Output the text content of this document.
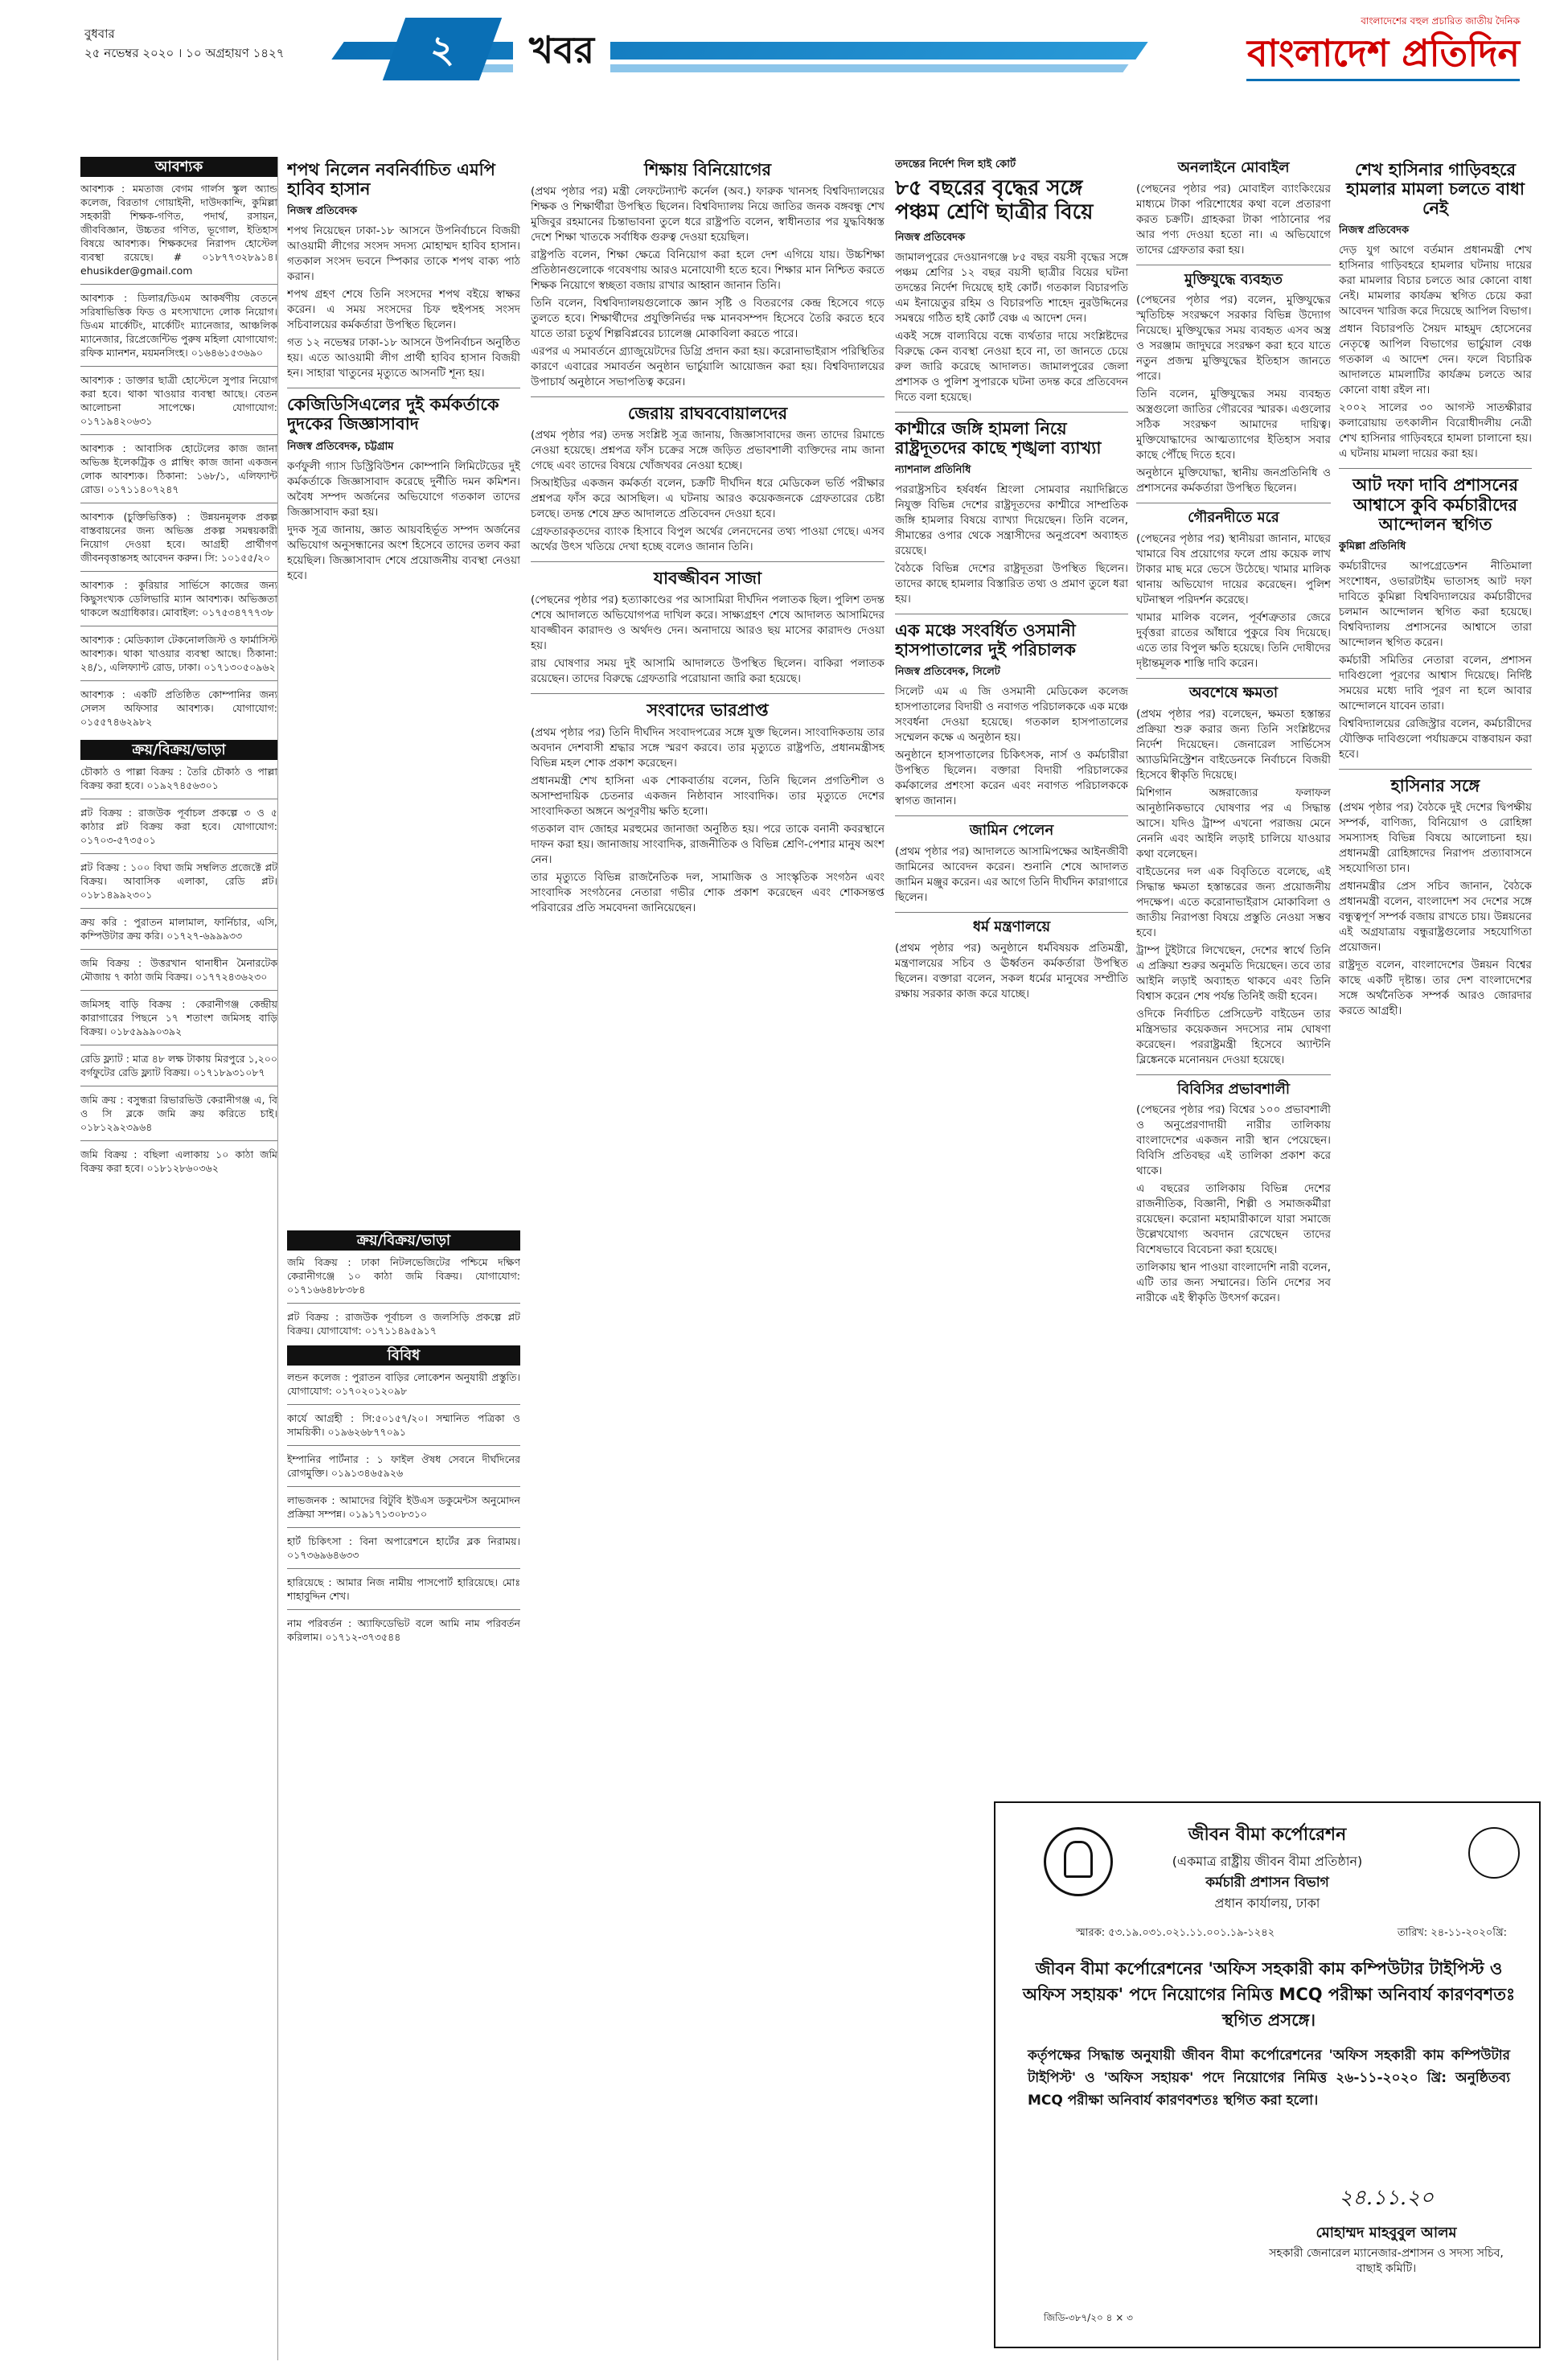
বুধবার
২৫ নভেম্বর ২০২০ । ১০ অগ্রহায়ণ ১৪২৭	২	খবর
বাংলাদেশের বহুল প্রচারিত জাতীয় দৈনিক
বাংলাদেশ প্রতিদিন
আবশ্যক

আবশ্যক : মমতাজ বেগম গার্লস স্কুল অ্যান্ড কলেজ, বিরতাগ গোয়াইনী, দাউদকান্দি, কুমিল্লা সহকারী শিক্ষক-গণিত, পদার্থ, রসায়ন, জীববিজ্ঞান, উচ্চতর গণিত, ভূগোল, ইতিহাস বিষয়ে আবশ্যক। শিক্ষকদের নিরাপদ হোস্টেল ব্যবস্থা রয়েছে। # ০১৮৭৭৩২৮৯১৪। ehusikder@gmail.com

আবশ্যক : ডিলার/ডিএম আকর্ষণীয় বেতনে সরিষাভিত্তিক ফিড ও মৎস্যখাদ্যে লোক নিয়োগ। ডিএম মার্কেটিং, মার্কেটিং ম্যানেজার, আঞ্চলিক ম্যানেজার, রিপ্রেজেন্টিভ পুরুষ মহিলা যোগাযোগ: রফিক ম্যানশন, ময়মনসিংহ। ০১৬৪৬১৫৩৬৯০

আবশ্যক : ডাক্তার ছাত্রী হোস্টেলে সুপার নিয়োগ করা হবে। থাকা খাওয়ার ব্যবস্থা আছে। বেতন আলোচনা সাপেক্ষে। যোগাযোগ: ০১৭১৯৪২০৬৩১

আবশ্যক : আবাসিক হোটেলের কাজ জানা অভিজ্ঞ ইলেকট্রিক ও প্লাম্বিং কাজ জানা একজন লোক আবশ্যক। ঠিকানা: ১৬৮/১, এলিফ্যান্ট রোড। ০১৭১১৪০৭২৪৭

আবশ্যক (চুক্তিভিত্তিক) : উন্নয়নমূলক প্রকল্প বাস্তবায়নের জন্য অভিজ্ঞ প্রকল্প সমন্বয়কারী নিয়োগ দেওয়া হবে। আগ্রহী প্রার্থীগণ জীবনবৃত্তান্তসহ আবেদন করুন। সি: ১০১৫৫/২০

আবশ্যক : কুরিয়ার সার্ভিসে কাজের জন্য কিছুসংখ্যক ডেলিভারি ম্যান আবশ্যক। অভিজ্ঞতা থাকলে অগ্রাধিকার। মোবাইল: ০১৭৫৩৪৭৭৭৩৮

আবশ্যক : মেডিক্যাল টেকনোলজিস্ট ও ফার্মাসিস্ট আবশ্যক। থাকা খাওয়ার ব্যবস্থা আছে। ঠিকানা: ২৪/১, এলিফ্যান্ট রোড, ঢাকা। ০১৭১৩০৫০৯৬২

আবশ্যক : একটি প্রতিষ্ঠিত কোম্পানির জন্য সেলস অফিসার আবশ্যক। যোগাযোগ: ০১৫৫৭৪৬২৯৮২

ক্রয়/বিক্রয়/ভাড়া

চৌকাঠ ও পাল্লা বিক্রয় : তৈরি চৌকাঠ ও পাল্লা বিক্রয় করা হবে। ০১৯২৭৪৫৬৩০১

প্লট বিক্রয় : রাজউক পূর্বাচল প্রকল্পে ৩ ও ৫ কাঠার প্লট বিক্রয় করা হবে। যোগাযোগ: ০১৭০৩-৫৭৩৫০১

প্লট বিক্রয় : ১০০ বিঘা জমি সম্বলিত প্রজেক্টে প্লট বিক্রয়। আবাসিক এলাকা, রেডি প্লট। ০১৮১৪৯৯২৩০১

ক্রয় করি : পুরাতন মালামাল, ফার্নিচার, এসি, কম্পিউটার ক্রয় করি। ০১৭২৭-৬৯৯৯৩৩

জমি বিক্রয় : উত্তরখান থানাধীন মৈনারটেক মৌজায় ৭ কাঠা জমি বিক্রয়। ০১৭৭২৪৩৬২৩০

জমিসহ বাড়ি বিক্রয় : কেরানীগঞ্জ কেন্দ্রীয় কারাগারের পিছনে ১৭ শতাংশ জমিসহ বাড়ি বিক্রয়। ০১৮৫৯৯৯০৩৯২

রেডি ফ্ল্যাট : মাত্র ৪৮ লক্ষ টাকায় মিরপুরে ১,২০০ বর্গফুটের রেডি ফ্ল্যাট বিক্রয়। ০১৭১৮৯৩১০৮৭

জমি ক্রয় : বসুন্ধরা রিভারভিউ কেরানীগঞ্জ এ, বি ও সি ব্লকে জমি ক্রয় করিতে চাই। ০১৮১২৯২৩৯৬৪

জমি বিক্রয় : বছিলা এলাকায় ১০ কাঠা জমি বিক্রয় করা হবে। ০১৮১২৮৬০৩৬২

শপথ নিলেন নবনির্বাচিত এমপি হাবিব হাসান
নিজস্ব প্রতিবেদক

শপথ নিয়েছেন ঢাকা-১৮ আসনে উপনির্বাচনে বিজয়ী আওয়ামী লীগের সংসদ সদস্য মোহাম্মদ হাবিব হাসান। গতকাল সংসদ ভবনে স্পিকার তাকে শপথ বাক্য পাঠ করান।

শপথ গ্রহণ শেষে তিনি সংসদের শপথ বইয়ে স্বাক্ষর করেন। এ সময় সংসদের চিফ হুইপসহ সংসদ সচিবালয়ের কর্মকর্তারা উপস্থিত ছিলেন।

গত ১২ নভেম্বর ঢাকা-১৮ আসনে উপনির্বাচন অনুষ্ঠিত হয়। এতে আওয়ামী লীগ প্রার্থী হাবিব হাসান বিজয়ী হন। সাহারা খাতুনের মৃত্যুতে আসনটি শূন্য হয়।

কেজিডিসিএলের দুই কর্মকর্তাকে দুদকের জিজ্ঞাসাবাদ
নিজস্ব প্রতিবেদক, চট্টগ্রাম

কর্ণফুলী গ্যাস ডিস্ট্রিবিউশন কোম্পানি লিমিটেডের দুই কর্মকর্তাকে জিজ্ঞাসাবাদ করেছে দুর্নীতি দমন কমিশন। অবৈধ সম্পদ অর্জনের অভিযোগে গতকাল তাদের জিজ্ঞাসাবাদ করা হয়।

দুদক সূত্র জানায়, জ্ঞাত আয়বহির্ভূত সম্পদ অর্জনের অভিযোগ অনুসন্ধানের অংশ হিসেবে তাদের তলব করা হয়েছিল। জিজ্ঞাসাবাদ শেষে প্রয়োজনীয় ব্যবস্থা নেওয়া হবে।

ক্রয়/বিক্রয়/ভাড়া

জমি বিক্রয় : ঢাকা নিটলভেজিটের পশ্চিমে দক্ষিণ কেরানীগঞ্জে ১০ কাঠা জমি বিক্রয়। যোগাযোগ: ০১৭১৬৬৪৮৮৩৮৪

প্লট বিক্রয় : রাজউক পূর্বাচল ও জলসিড়ি প্রকল্পে প্লট বিক্রয়। যোগাযোগ: ০১৭১১৪৯৫৯১৭

বিবিধ

লন্ডন কলেজ : পুরাতন বাড়ির লোকেশন অনুযায়ী প্রস্তুতি। যোগাযোগ: ০১৭০২০১২০৯৮

কার্যে আগ্রহী : সি:৫০১৫৭/২০। সম্মানিত পত্রিকা ও সাময়িকী। ০১৯৬২৬৮৭৭০৯১

ইম্পানির পার্টনার : ১ ফাইল ঔষধ সেবনে দীর্ঘদিনের রোগমুক্তি। ০১৯১৩৪৬৫৯২৬

লাভজনক : আমাদের বিটুবি ইউএস ডকুমেন্টস অনুমোদন প্রক্রিয়া সম্পন্ন। ০১৯১৭১৩০৮৩১০

হার্ট চিকিৎসা : বিনা অপারেশনে হার্টের ব্লক নিরাময়। ০১৭৩৬৯৬৪৬৩৩

হারিয়েছে : আমার নিজ নামীয় পাসপোর্ট হারিয়েছে। মোঃ শাহাবুদ্দিন শেখ।

নাম পরিবর্তন : অ্যাফিডেভিট বলে আমি নাম পরিবর্তন করিলাম। ০১৭১২-৩৭৩৫৪৪

শিক্ষায় বিনিয়োগের

(প্রথম পৃষ্ঠার পর) মন্ত্রী লেফটেন্যান্ট কর্নেল (অব.) ফারুক খানসহ বিশ্ববিদ্যালয়ের শিক্ষক ও শিক্ষার্থীরা উপস্থিত ছিলেন। বিশ্ববিদ্যালয় নিয়ে জাতির জনক বঙ্গবন্ধু শেখ মুজিবুর রহমানের চিন্তাভাবনা তুলে ধরে রাষ্ট্রপতি বলেন, স্বাধীনতার পর যুদ্ধবিধ্বস্ত দেশে শিক্ষা খাতকে সর্বাধিক গুরুত্ব দেওয়া হয়েছিল।

রাষ্ট্রপতি বলেন, শিক্ষা ক্ষেত্রে বিনিয়োগ করা হলে দেশ এগিয়ে যায়। উচ্চশিক্ষা প্রতিষ্ঠানগুলোকে গবেষণায় আরও মনোযোগী হতে হবে। শিক্ষার মান নিশ্চিত করতে শিক্ষক নিয়োগে স্বচ্ছতা বজায় রাখার আহ্বান জানান তিনি।

তিনি বলেন, বিশ্ববিদ্যালয়গুলোকে জ্ঞান সৃষ্টি ও বিতরণের কেন্দ্র হিসেবে গড়ে তুলতে হবে। শিক্ষার্থীদের প্রযুক্তিনির্ভর দক্ষ মানবসম্পদ হিসেবে তৈরি করতে হবে যাতে তারা চতুর্থ শিল্পবিপ্লবের চ্যালেঞ্জ মোকাবিলা করতে পারে।

এরপর এ সমাবর্তনে গ্র্যাজুয়েটদের ডিগ্রি প্রদান করা হয়। করোনাভাইরাস পরিস্থিতির কারণে এবারের সমাবর্তন অনুষ্ঠান ভার্চুয়ালি আয়োজন করা হয়। বিশ্ববিদ্যালয়ের উপাচার্য অনুষ্ঠানে সভাপতিত্ব করেন।

জেরায় রাঘববোয়ালদের

(প্রথম পৃষ্ঠার পর) তদন্ত সংশ্লিষ্ট সূত্র জানায়, জিজ্ঞাসাবাদের জন্য তাদের রিমান্ডে নেওয়া হয়েছে। প্রশ্নপত্র ফাঁস চক্রের সঙ্গে জড়িত প্রভাবশালী ব্যক্তিদের নাম জানা গেছে এবং তাদের বিষয়ে খোঁজখবর নেওয়া হচ্ছে।

সিআইডির একজন কর্মকর্তা বলেন, চক্রটি দীর্ঘদিন ধরে মেডিকেল ভর্তি পরীক্ষার প্রশ্নপত্র ফাঁস করে আসছিল। এ ঘটনায় আরও কয়েকজনকে গ্রেফতারের চেষ্টা চলছে। তদন্ত শেষে দ্রুত আদালতে প্রতিবেদন দেওয়া হবে।

গ্রেফতারকৃতদের ব্যাংক হিসাবে বিপুল অর্থের লেনদেনের তথ্য পাওয়া গেছে। এসব অর্থের উৎস খতিয়ে দেখা হচ্ছে বলেও জানান তিনি।

যাবজ্জীবন সাজা

(পেছনের পৃষ্ঠার পর) হত্যাকাণ্ডের পর আসামিরা দীর্ঘদিন পলাতক ছিল। পুলিশ তদন্ত শেষে আদালতে অভিযোগপত্র দাখিল করে। সাক্ষ্যগ্রহণ শেষে আদালত আসামিদের যাবজ্জীবন কারাদণ্ড ও অর্থদণ্ড দেন। অনাদায়ে আরও ছয় মাসের কারাদণ্ড দেওয়া হয়।

রায় ঘোষণার সময় দুই আসামি আদালতে উপস্থিত ছিলেন। বাকিরা পলাতক রয়েছেন। তাদের বিরুদ্ধে গ্রেফতারি পরোয়ানা জারি করা হয়েছে।

সংবাদের ভারপ্রাপ্ত

(প্রথম পৃষ্ঠার পর) তিনি দীর্ঘদিন সংবাদপত্রের সঙ্গে যুক্ত ছিলেন। সাংবাদিকতায় তার অবদান দেশবাসী শ্রদ্ধার সঙ্গে স্মরণ করবে। তার মৃত্যুতে রাষ্ট্রপতি, প্রধানমন্ত্রীসহ বিভিন্ন মহল শোক প্রকাশ করেছেন।

প্রধানমন্ত্রী শেখ হাসিনা এক শোকবার্তায় বলেন, তিনি ছিলেন প্রগতিশীল ও অসাম্প্রদায়িক চেতনার একজন নিষ্ঠাবান সাংবাদিক। তার মৃত্যুতে দেশের সাংবাদিকতা অঙ্গনে অপূরণীয় ক্ষতি হলো।

গতকাল বাদ জোহর মরহুমের জানাজা অনুষ্ঠিত হয়। পরে তাকে বনানী কবরস্থানে দাফন করা হয়। জানাজায় সাংবাদিক, রাজনীতিক ও বিভিন্ন শ্রেণি-পেশার মানুষ অংশ নেন।

তার মৃত্যুতে বিভিন্ন রাজনৈতিক দল, সামাজিক ও সাংস্কৃতিক সংগঠন এবং সাংবাদিক সংগঠনের নেতারা গভীর শোক প্রকাশ করেছেন এবং শোকসন্তপ্ত পরিবারের প্রতি সমবেদনা জানিয়েছেন।

তদন্তের নির্দেশ দিল হাই কোর্ট
৮৫ বছরের বৃদ্ধের সঙ্গে পঞ্চম শ্রেণি ছাত্রীর বিয়ে
নিজস্ব প্রতিবেদক

জামালপুরের দেওয়ানগঞ্জে ৮৫ বছর বয়সী বৃদ্ধের সঙ্গে পঞ্চম শ্রেণির ১২ বছর বয়সী ছাত্রীর বিয়ের ঘটনা তদন্তের নির্দেশ দিয়েছে হাই কোর্ট। গতকাল বিচারপতি এম ইনায়েতুর রহিম ও বিচারপতি শাহেদ নুরউদ্দিনের সমন্বয়ে গঠিত হাই কোর্ট বেঞ্চ এ আদেশ দেন।

একই সঙ্গে বাল্যবিয়ে বন্ধে ব্যর্থতার দায়ে সংশ্লিষ্টদের বিরুদ্ধে কেন ব্যবস্থা নেওয়া হবে না, তা জানতে চেয়ে রুল জারি করেছে আদালত। জামালপুরের জেলা প্রশাসক ও পুলিশ সুপারকে ঘটনা তদন্ত করে প্রতিবেদন দিতে বলা হয়েছে।

কাশ্মীরে জঙ্গি হামলা নিয়ে রাষ্ট্রদূতদের কাছে শৃঙ্খলা ব্যাখ্যা
ন্যাশনাল প্রতিনিধি

পররাষ্ট্রসচিব হর্ষবর্ধন শ্রিংলা সোমবার নয়াদিল্লিতে নিযুক্ত বিভিন্ন দেশের রাষ্ট্রদূতদের কাশ্মীরে সাম্প্রতিক জঙ্গি হামলার বিষয়ে ব্যাখ্যা দিয়েছেন। তিনি বলেন, সীমান্তের ওপার থেকে সন্ত্রাসীদের অনুপ্রবেশ অব্যাহত রয়েছে।

বৈঠকে বিভিন্ন দেশের রাষ্ট্রদূতরা উপস্থিত ছিলেন। তাদের কাছে হামলার বিস্তারিত তথ্য ও প্রমাণ তুলে ধরা হয়।

এক মঞ্চে সংবর্ধিত ওসমানী হাসপাতালের দুই পরিচালক
নিজস্ব প্রতিবেদক, সিলেট

সিলেট এম এ জি ওসমানী মেডিকেল কলেজ হাসপাতালের বিদায়ী ও নবাগত পরিচালককে এক মঞ্চে সংবর্ধনা দেওয়া হয়েছে। গতকাল হাসপাতালের সম্মেলন কক্ষে এ অনুষ্ঠান হয়।

অনুষ্ঠানে হাসপাতালের চিকিৎসক, নার্স ও কর্মচারীরা উপস্থিত ছিলেন। বক্তারা বিদায়ী পরিচালকের কর্মকালের প্রশংসা করেন এবং নবাগত পরিচালককে স্বাগত জানান।

জামিন পেলেন

(প্রথম পৃষ্ঠার পর) আদালতে আসামিপক্ষের আইনজীবী জামিনের আবেদন করেন। শুনানি শেষে আদালত জামিন মঞ্জুর করেন। এর আগে তিনি দীর্ঘদিন কারাগারে ছিলেন।

ধর্ম মন্ত্রণালয়ে

(প্রথম পৃষ্ঠার পর) অনুষ্ঠানে ধর্মবিষয়ক প্রতিমন্ত্রী, মন্ত্রণালয়ের সচিব ও ঊর্ধ্বতন কর্মকর্তারা উপস্থিত ছিলেন। বক্তারা বলেন, সকল ধর্মের মানুষের সম্প্রীতি রক্ষায় সরকার কাজ করে যাচ্ছে।

অনলাইনে মোবাইল

(পেছনের পৃষ্ঠার পর) মোবাইল ব্যাংকিংয়ের মাধ্যমে টাকা পরিশোধের কথা বলে প্রতারণা করত চক্রটি। গ্রাহকরা টাকা পাঠানোর পর আর পণ্য দেওয়া হতো না। এ অভিযোগে তাদের গ্রেফতার করা হয়।

মুক্তিযুদ্ধে ব্যবহৃত

(পেছনের পৃষ্ঠার পর) বলেন, মুক্তিযুদ্ধের স্মৃতিচিহ্ন সংরক্ষণে সরকার বিভিন্ন উদ্যোগ নিয়েছে। মুক্তিযুদ্ধের সময় ব্যবহৃত এসব অস্ত্র ও সরঞ্জাম জাদুঘরে সংরক্ষণ করা হবে যাতে নতুন প্রজন্ম মুক্তিযুদ্ধের ইতিহাস জানতে পারে।

তিনি বলেন, মুক্তিযুদ্ধের সময় ব্যবহৃত অস্ত্রগুলো জাতির গৌরবের স্মারক। এগুলোর সঠিক সংরক্ষণ আমাদের দায়িত্ব। মুক্তিযোদ্ধাদের আত্মত্যাগের ইতিহাস সবার কাছে পৌঁছে দিতে হবে।

অনুষ্ঠানে মুক্তিযোদ্ধা, স্থানীয় জনপ্রতিনিধি ও প্রশাসনের কর্মকর্তারা উপস্থিত ছিলেন।

গৌরনদীতে মরে

(পেছনের পৃষ্ঠার পর) স্থানীয়রা জানান, মাছের খামারে বিষ প্রয়োগের ফলে প্রায় কয়েক লাখ টাকার মাছ মরে ভেসে উঠেছে। খামার মালিক থানায় অভিযোগ দায়ের করেছেন। পুলিশ ঘটনাস্থল পরিদর্শন করেছে।

খামার মালিক বলেন, পূর্বশত্রুতার জেরে দুর্বৃত্তরা রাতের আঁধারে পুকুরে বিষ দিয়েছে। এতে তার বিপুল ক্ষতি হয়েছে। তিনি দোষীদের দৃষ্টান্তমূলক শাস্তি দাবি করেন।

অবশেষে ক্ষমতা

(প্রথম পৃষ্ঠার পর) বলেছেন, ক্ষমতা হস্তান্তর প্রক্রিয়া শুরু করার জন্য তিনি সংশ্লিষ্টদের নির্দেশ দিয়েছেন। জেনারেল সার্ভিসেস অ্যাডমিনিস্ট্রেশন বাইডেনকে নির্বাচনে বিজয়ী হিসেবে স্বীকৃতি দিয়েছে।

মিশিগান অঙ্গরাজ্যের ফলাফল আনুষ্ঠানিকভাবে ঘোষণার পর এ সিদ্ধান্ত আসে। যদিও ট্রাম্প এখনো পরাজয় মেনে নেননি এবং আইনি লড়াই চালিয়ে যাওয়ার কথা বলেছেন।

বাইডেনের দল এক বিবৃতিতে বলেছে, এই সিদ্ধান্ত ক্ষমতা হস্তান্তরের জন্য প্রয়োজনীয় পদক্ষেপ। এতে করোনাভাইরাস মোকাবিলা ও জাতীয় নিরাপত্তা বিষয়ে প্রস্তুতি নেওয়া সম্ভব হবে।

ট্রাম্প টুইটারে লিখেছেন, দেশের স্বার্থে তিনি এ প্রক্রিয়া শুরুর অনুমতি দিয়েছেন। তবে তার আইনি লড়াই অব্যাহত থাকবে এবং তিনি বিশ্বাস করেন শেষ পর্যন্ত তিনিই জয়ী হবেন।

ওদিকে নির্বাচিত প্রেসিডেন্ট বাইডেন তার মন্ত্রিসভার কয়েকজন সদস্যের নাম ঘোষণা করেছেন। পররাষ্ট্রমন্ত্রী হিসেবে অ্যান্টনি ব্লিঙ্কেনকে মনোনয়ন দেওয়া হয়েছে।

বিবিসির প্রভাবশালী

(পেছনের পৃষ্ঠার পর) বিশ্বের ১০০ প্রভাবশালী ও অনুপ্রেরণাদায়ী নারীর তালিকায় বাংলাদেশের একজন নারী স্থান পেয়েছেন। বিবিসি প্রতিবছর এই তালিকা প্রকাশ করে থাকে।

এ বছরের তালিকায় বিভিন্ন দেশের রাজনীতিক, বিজ্ঞানী, শিল্পী ও সমাজকর্মীরা রয়েছেন। করোনা মহামারীকালে যারা সমাজে উল্লেখযোগ্য অবদান রেখেছেন তাদের বিশেষভাবে বিবেচনা করা হয়েছে।

তালিকায় স্থান পাওয়া বাংলাদেশি নারী বলেন, এটি তার জন্য সম্মানের। তিনি দেশের সব নারীকে এই স্বীকৃতি উৎসর্গ করেন।

শেখ হাসিনার গাড়িবহরে হামলার মামলা চলতে বাধা নেই
নিজস্ব প্রতিবেদক

দেড় যুগ আগে বর্তমান প্রধানমন্ত্রী শেখ হাসিনার গাড়িবহরে হামলার ঘটনায় দায়ের করা মামলার বিচার চলতে আর কোনো বাধা নেই। মামলার কার্যক্রম স্থগিত চেয়ে করা আবেদন খারিজ করে দিয়েছে আপিল বিভাগ।

প্রধান বিচারপতি সৈয়দ মাহমুদ হোসেনের নেতৃত্বে আপিল বিভাগের ভার্চুয়াল বেঞ্চ গতকাল এ আদেশ দেন। ফলে বিচারিক আদালতে মামলাটির কার্যক্রম চলতে আর কোনো বাধা রইল না।

২০০২ সালের ৩০ আগস্ট সাতক্ষীরার কলারোয়ায় তৎকালীন বিরোধীদলীয় নেত্রী শেখ হাসিনার গাড়িবহরে হামলা চালানো হয়। এ ঘটনায় মামলা দায়ের করা হয়।

আট দফা দাবি প্রশাসনের আশ্বাসে কুবি কর্মচারীদের আন্দোলন স্থগিত
কুমিল্লা প্রতিনিধি

কর্মচারীদের আপগ্রেডেশন নীতিমালা সংশোধন, ওভারটাইম ভাতাসহ আট দফা দাবিতে কুমিল্লা বিশ্ববিদ্যালয়ের কর্মচারীদের চলমান আন্দোলন স্থগিত করা হয়েছে। বিশ্ববিদ্যালয় প্রশাসনের আশ্বাসে তারা আন্দোলন স্থগিত করেন।

কর্মচারী সমিতির নেতারা বলেন, প্রশাসন দাবিগুলো পূরণের আশ্বাস দিয়েছে। নির্দিষ্ট সময়ের মধ্যে দাবি পূরণ না হলে আবার আন্দোলনে যাবেন তারা।

বিশ্ববিদ্যালয়ের রেজিস্ট্রার বলেন, কর্মচারীদের যৌক্তিক দাবিগুলো পর্যায়ক্রমে বাস্তবায়ন করা হবে।

হাসিনার সঙ্গে

(প্রথম পৃষ্ঠার পর) বৈঠকে দুই দেশের দ্বিপক্ষীয় সম্পর্ক, বাণিজ্য, বিনিয়োগ ও রোহিঙ্গা সমস্যাসহ বিভিন্ন বিষয়ে আলোচনা হয়। প্রধানমন্ত্রী রোহিঙ্গাদের নিরাপদ প্রত্যাবাসনে সহযোগিতা চান।

প্রধানমন্ত্রীর প্রেস সচিব জানান, বৈঠকে প্রধানমন্ত্রী বলেন, বাংলাদেশ সব দেশের সঙ্গে বন্ধুত্বপূর্ণ সম্পর্ক বজায় রাখতে চায়। উন্নয়নের এই অগ্রযাত্রায় বন্ধুরাষ্ট্রগুলোর সহযোগিতা প্রয়োজন।

রাষ্ট্রদূত বলেন, বাংলাদেশের উন্নয়ন বিশ্বের কাছে একটি দৃষ্টান্ত। তার দেশ বাংলাদেশের সঙ্গে অর্থনৈতিক সম্পর্ক আরও জোরদার করতে আগ্রহী।

জীবন বীমা কর্পোরেশন
(একমাত্র রাষ্ট্রীয় জীবন বীমা প্রতিষ্ঠান)
কর্মচারী প্রশাসন বিভাগ
প্রধান কার্যালয়, ঢাকা
স্মারক: ৫৩.১৯.০৩১.০২১.১১.০০১.১৯-১২৪২	তারিখ: ২৪-১১-২০২০খ্রি:
জীবন বীমা কর্পোরেশনের 'অফিস সহকারী কাম কম্পিউটার টাইপিস্ট ও অফিস সহায়ক' পদে নিয়োগের নিমিত্ত MCQ পরীক্ষা অনিবার্য কারণবশতঃ স্থগিত প্রসঙ্গে।
কর্তৃপক্ষের সিদ্ধান্ত অনুযায়ী জীবন বীমা কর্পোরেশনের 'অফিস সহকারী কাম কম্পিউটার টাইপিস্ট' ও 'অফিস সহায়ক' পদে নিয়োগের নিমিত্ত ২৬-১১-২০২০ খ্রি: অনুষ্ঠিতব্য MCQ পরীক্ষা অনিবার্য কারণবশতঃ স্থগিত করা হলো।
২৪.১১.২০
মোহাম্মদ মাহবুবুল আলম
সহকারী জেনারেল ম্যানেজার-প্রশাসন ও সদস্য সচিব, বাছাই কমিটি।
জিডি-৩৮৭/২০ ৪ × ৩
